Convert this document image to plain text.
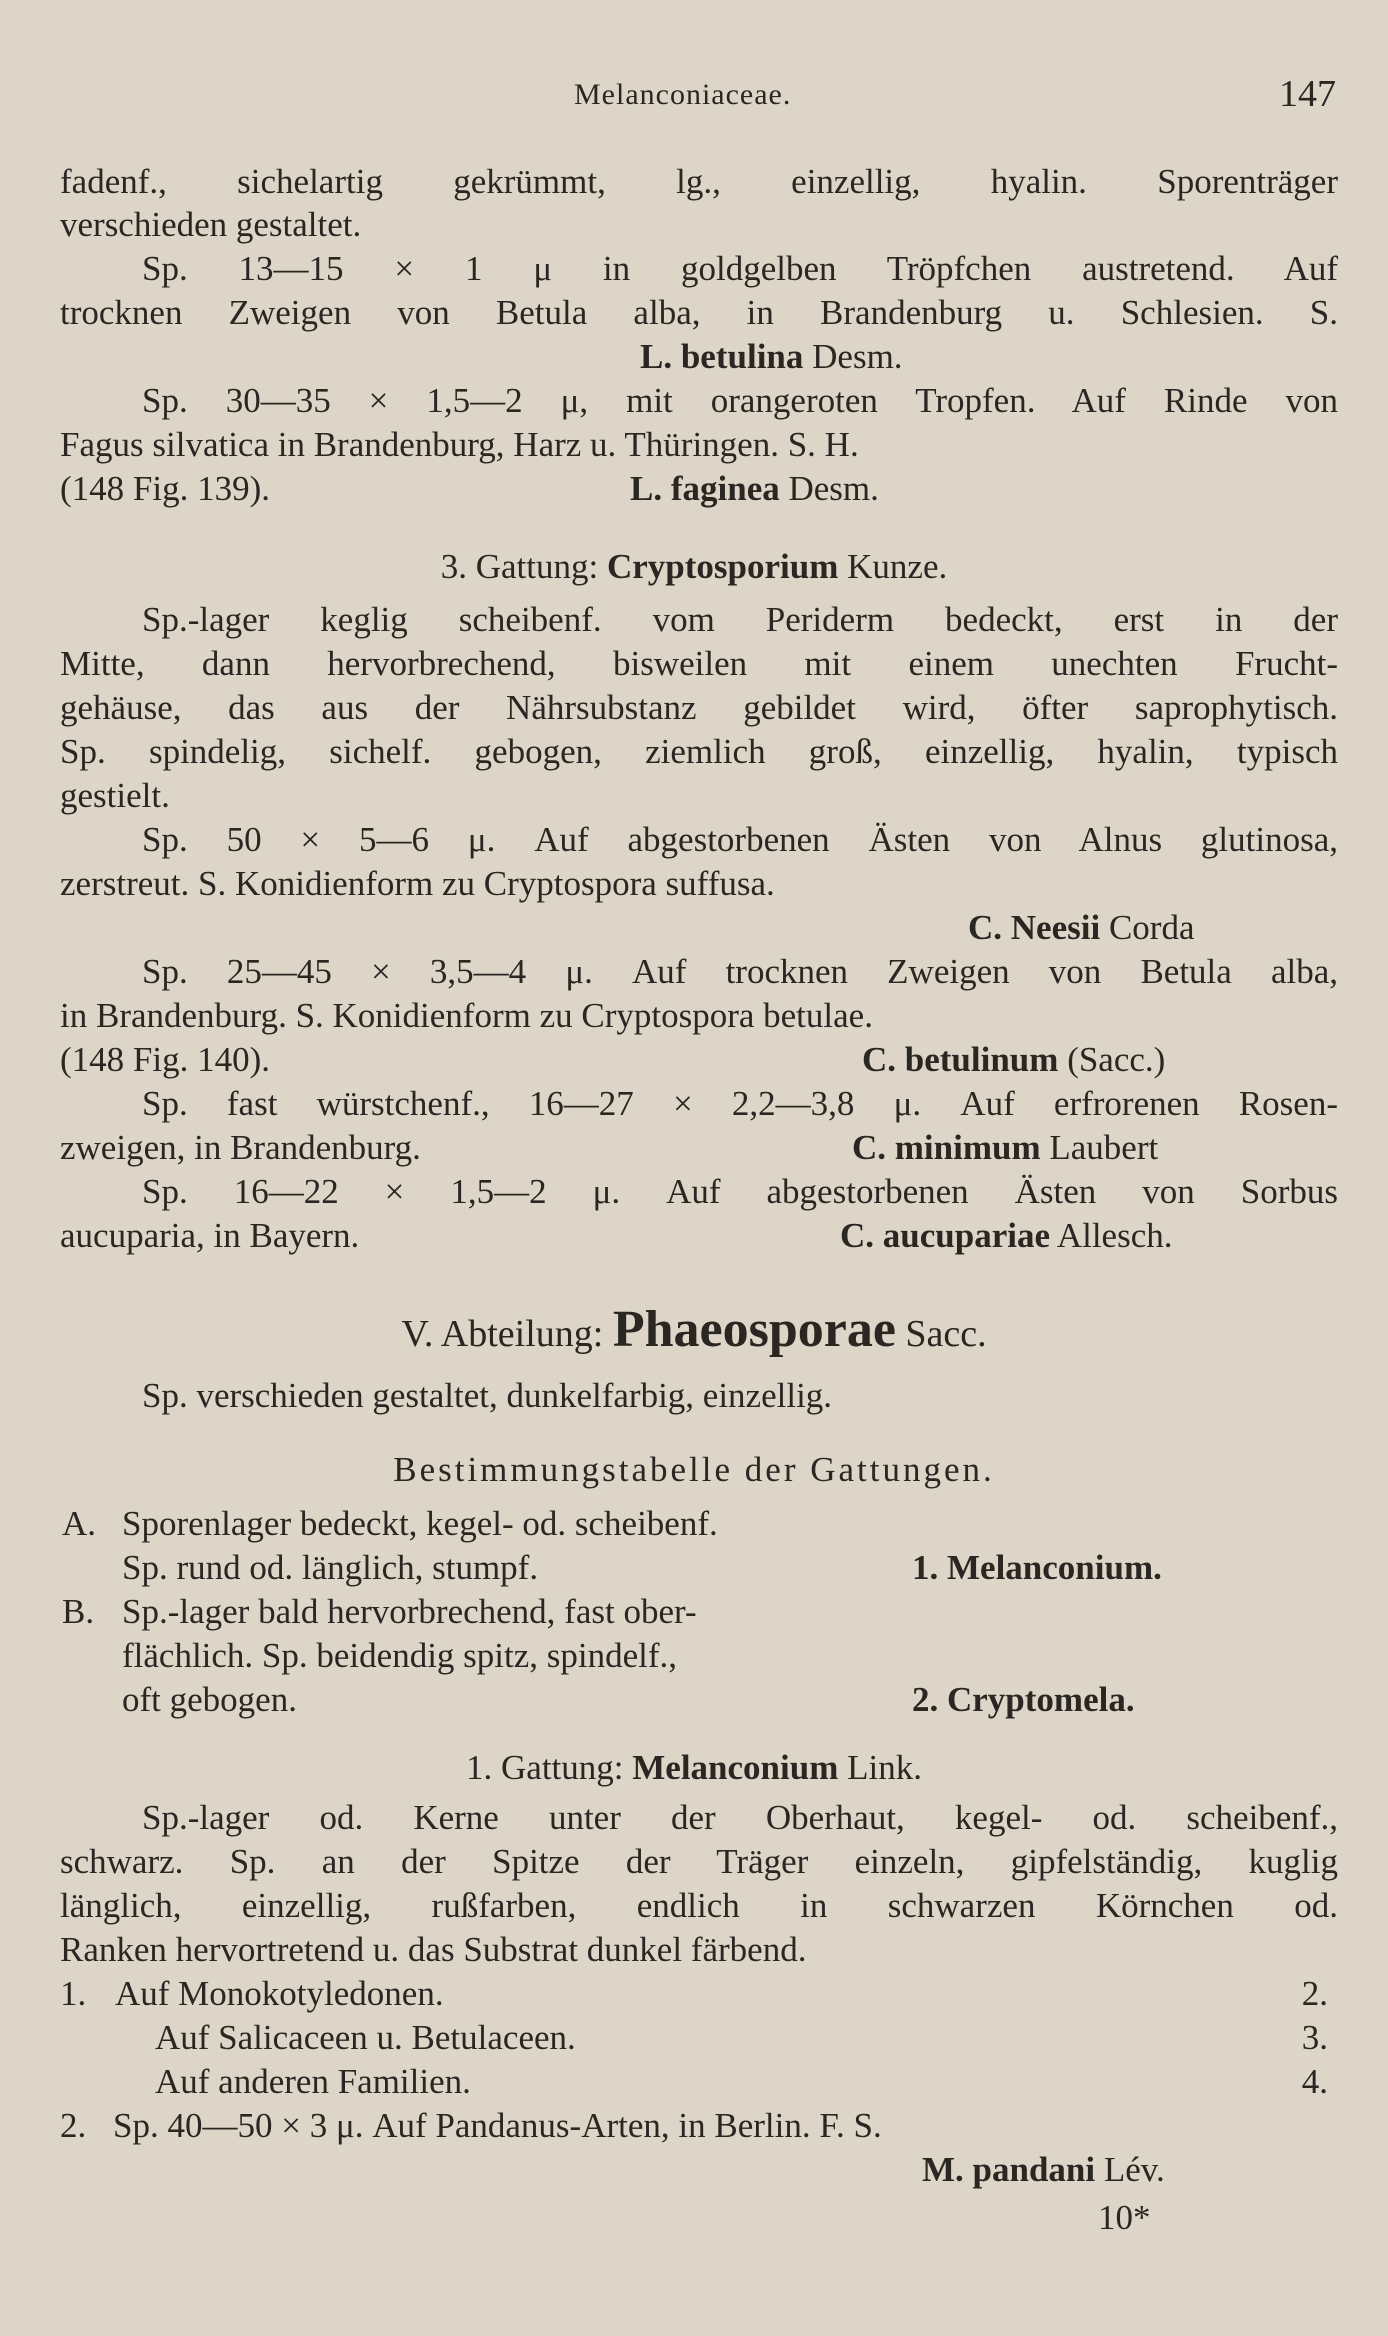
Melanconiaceae.	147
fadenf., sichelartig gekrümmt, lg., einzellig, hyalin. Sporenträger
verschieden gestaltet.
Sp. 13—15 × 1 μ in goldgelben Tröpfchen austretend. Auf
trocknen Zweigen von Betula alba, in Brandenburg u. Schlesien. S.
L. betulina Desm.
Sp. 30—35 × 1,5—2 μ, mit orangeroten Tropfen. Auf Rinde von
Fagus silvatica in Brandenburg, Harz u. Thüringen. S. H.
(148 Fig. 139).	L. faginea Desm.
3. Gattung: Cryptosporium Kunze.
Sp.-lager keglig scheibenf. vom Periderm bedeckt, erst in der
Mitte, dann hervorbrechend, bisweilen mit einem unechten Frucht-
gehäuse, das aus der Nährsubstanz gebildet wird, öfter saprophytisch.
Sp. spindelig, sichelf. gebogen, ziemlich groß, einzellig, hyalin, typisch
gestielt.
Sp. 50 × 5—6 μ. Auf abgestorbenen Ästen von Alnus glutinosa,
zerstreut. S. Konidienform zu Cryptospora suffusa.
C. Neesii Corda
Sp. 25—45 × 3,5—4 μ. Auf trocknen Zweigen von Betula alba,
in Brandenburg. S. Konidienform zu Cryptospora betulae.
(148 Fig. 140).	C. betulinum (Sacc.)
Sp. fast würstchenf., 16—27 × 2,2—3,8 μ. Auf erfrorenen Rosen-
zweigen, in Brandenburg.	C. minimum Laubert
Sp. 16—22 × 1,5—2 μ. Auf abgestorbenen Ästen von Sorbus
aucuparia, in Bayern.	C. aucupariae Allesch.
V. Abteilung: Phaeosporae Sacc.
Sp. verschieden gestaltet, dunkelfarbig, einzellig.
Bestimmungstabelle der Gattungen.
A. Sporenlager bedeckt, kegel- od. scheibenf.
Sp. rund od. länglich, stumpf.	1. Melanconium.
B. Sp.-lager bald hervorbrechend, fast ober-
flächlich. Sp. beidendig spitz, spindelf.,
oft gebogen.	2. Cryptomela.
1. Gattung: Melanconium Link.
Sp.-lager od. Kerne unter der Oberhaut, kegel- od. scheibenf.,
schwarz. Sp. an der Spitze der Träger einzeln, gipfelständig, kuglig
länglich, einzellig, rußfarben, endlich in schwarzen Körnchen od.
Ranken hervortretend u. das Substrat dunkel färbend.
1. Auf Monokotyledonen.	2.
Auf Salicaceen u. Betulaceen.	3.
Auf anderen Familien.	4.
2. Sp. 40—50 × 3 μ. Auf Pandanus-Arten, in Berlin. F. S.
M. pandani Lév.
10*
